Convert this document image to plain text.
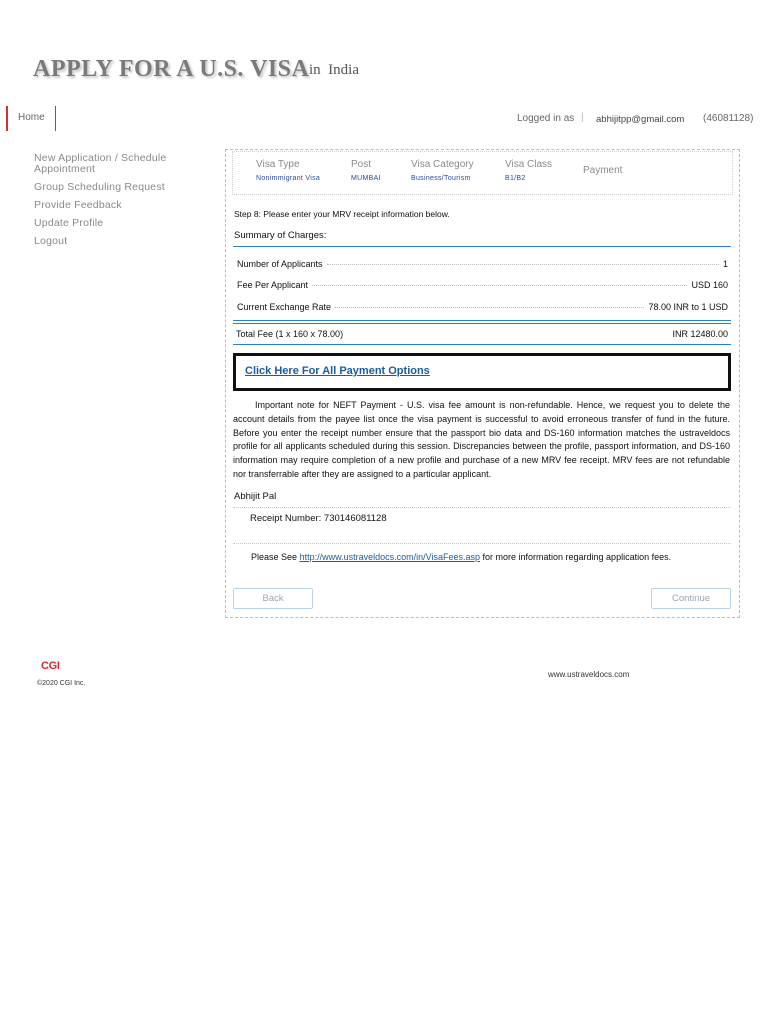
APPLY FOR A U.S. VISA in India
Home	Logged in as | abhijitpp@gmail.com (46081128)
New Application / Schedule Appointment
Group Scheduling Request
Provide Feedback
Update Profile
Logout
Visa Type
Nonimmigrant Visa
Post
MUMBAI
Visa Category
Business/Tourism
Visa Class
B1/B2
Payment
Step 8: Please enter your MRV receipt information below.
Summary of Charges:
Number of Applicants	1
Fee Per Applicant	USD 160
Current Exchange Rate	78.00 INR to 1 USD
Total Fee (1 x 160 x 78.00)	INR 12480.00
Click Here For All Payment Options
Important note for NEFT Payment - U.S. visa fee amount is non-refundable. Hence, we request you to delete the account details from the payee list once the visa payment is successful to avoid erroneous transfer of fund in the future. Before you enter the receipt number ensure that the passport bio data and DS-160 information matches the ustraveldocs profile for all applicants scheduled during this session. Discrepancies between the profile, passport information, and DS-160 information may require completion of a new profile and purchase of a new MRV fee receipt. MRV fees are not refundable nor transferrable after they are assigned to a particular applicant.
Abhijit Pal
Receipt Number: 730146081128
Please See http://www.ustraveldocs.com/in/VisaFees.asp for more information regarding application fees.
Back	Continue
CGI
©2020 CGI Inc.
www.ustraveldocs.com
